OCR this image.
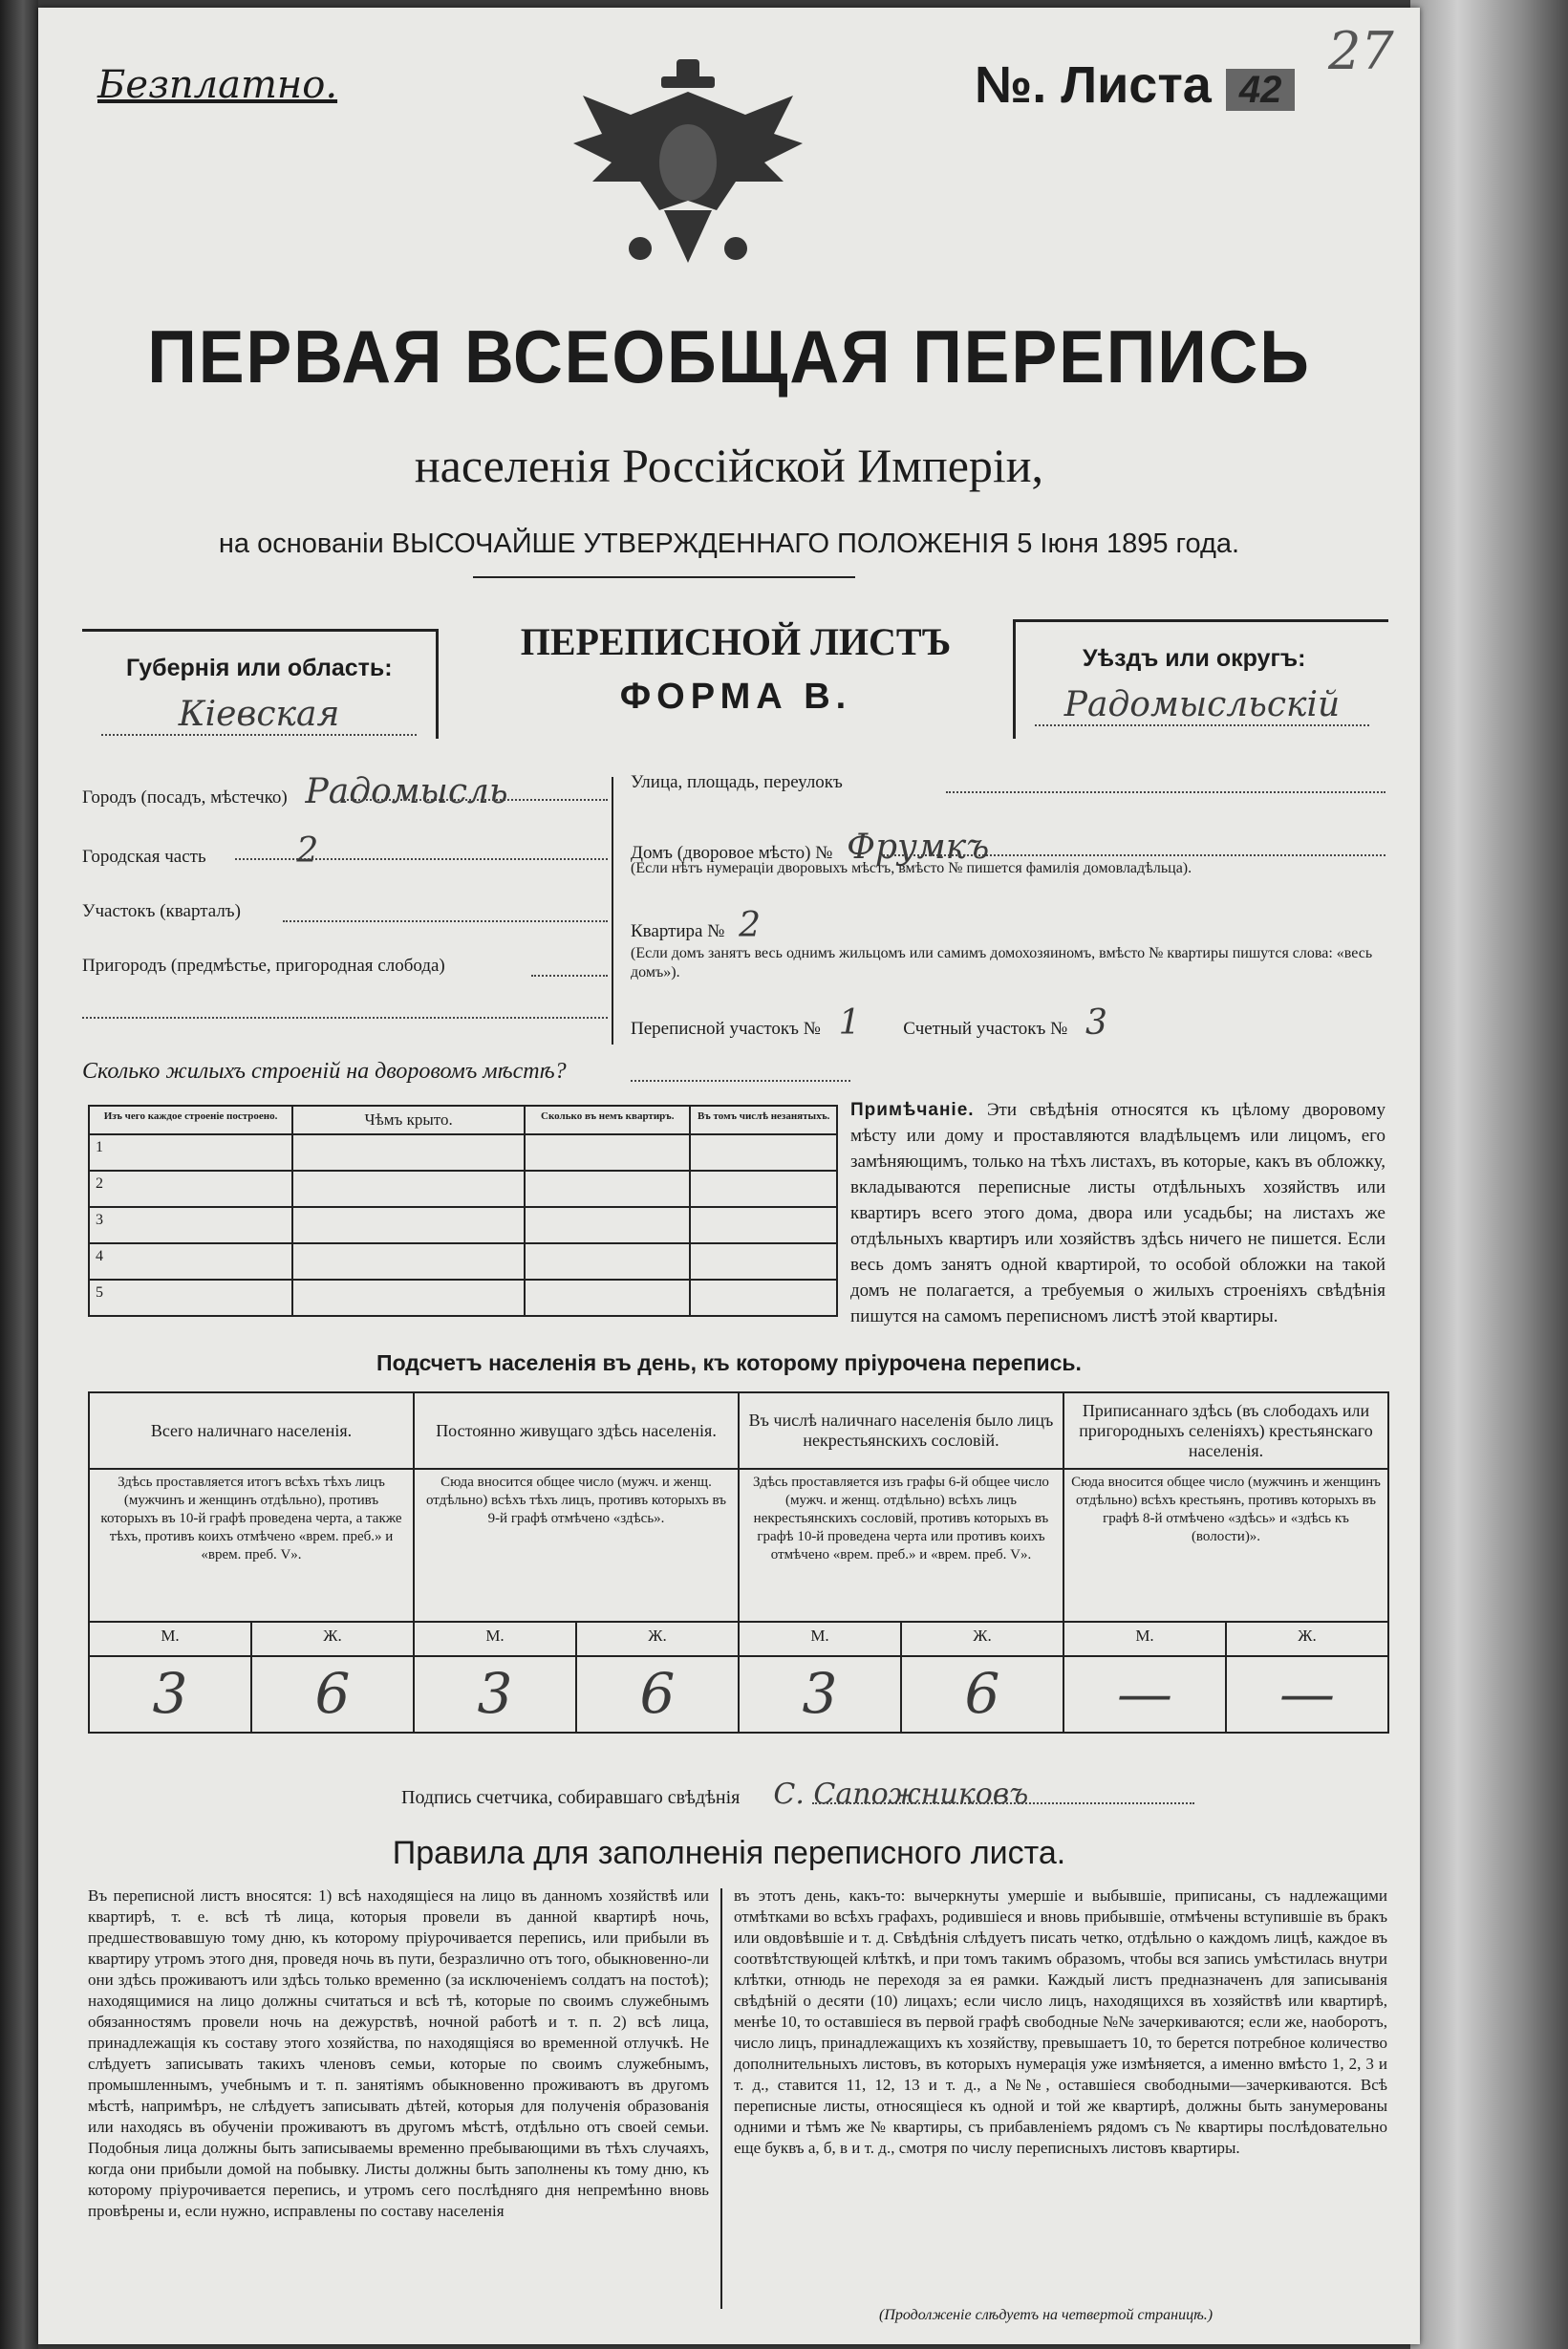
Безплатно.	№. Листа 42
27
ПЕРВАЯ ВСЕОБЩАЯ ПЕРЕПИСЬ
населенія Россійской Имперіи,
на основаніи ВЫСОЧАЙШЕ УТВЕРЖДЕННАГО ПОЛОЖЕНІЯ 5 Іюня 1895 года.
Губернія или область:
Кіевская
ПЕРЕПИСНОЙ ЛИСТЪ
ФОРМА В.
Уѣздъ или округъ:
Радомысльскій
Городъ (посадъ, мѣстечко) Радомысль
Городская часть	2
Участокъ (кварталъ)
Пригородъ (предмѣстье, пригородная слобода)
Улица, площадь, переулокъ
Домъ (дворовое мѣсто) № Фрумкъ
(Если нѣтъ нумераціи дворовыхъ мѣстъ, вмѣсто № пишется фамилія домовладѣльца).
Квартира № 2
(Если домъ занятъ весь однимъ жильцомъ или самимъ домохозяиномъ, вмѣсто № квартиры пишутся слова: «весь домъ»).
Переписной участокъ № 1 Счетный участокъ № 3
Сколько жилыхъ строеній на дворовомъ мѣстѣ?
Изъ чего каждое строеніе построено.	Чѣмъ крыто.	Сколько въ немъ квартиръ.	Въ томъ числѣ незанятыхъ.
1			
2			
3			
4			
5			
Примѣчаніе. Эти свѣдѣнія относятся къ цѣлому дворовому мѣсту или дому и проставляются владѣльцемъ или лицомъ, его замѣняющимъ, только на тѣхъ листахъ, въ которые, какъ въ обложку, вкладываются переписные листы отдѣльныхъ хозяйствъ или квартиръ всего этого дома, двора или усадьбы; на листахъ же отдѣльныхъ квартиръ или хозяйствъ здѣсь ничего не пишется. Если весь домъ занятъ одной квартирой, то особой обложки на такой домъ не полагается, а требуемыя о жилыхъ строеніяхъ свѣдѣнія пишутся на самомъ переписномъ листѣ этой квартиры.
Подсчетъ населенія въ день, къ которому пріурочена перепись.
Всего наличнаго населенія.		Постоянно живущаго здѣсь населенія.		Въ числѣ наличнаго населенія было лицъ некрестьянскихъ сословій.		Приписаннаго здѣсь (въ слободахъ или пригородныхъ селеніяхъ) крестьянскаго населенія.	
Здѣсь проставляется итогъ всѣхъ тѣхъ лицъ (мужчинъ и женщинъ отдѣльно), противъ которыхъ въ 10-й графѣ проведена черта, а также тѣхъ, противъ коихъ отмѣчено «врем. преб.» и «врем. преб. V».		Сюда вносится общее число (мужч. и женщ. отдѣльно) всѣхъ тѣхъ лицъ, противъ которыхъ въ 9-й графѣ отмѣчено «здѣсь».		Здѣсь проставляется изъ графы 6-й общее число (мужч. и женщ. отдѣльно) всѣхъ лицъ некрестьянскихъ сословій, противъ которыхъ въ графѣ 10-й проведена черта или противъ коихъ отмѣчено «врем. преб.» и «врем. преб. V».		Сюда вносится общее число (мужчинъ и женщинъ отдѣльно) всѣхъ крестьянъ, противъ которыхъ въ графѣ 8-й отмѣчено «здѣсь» и «здѣсь къ (волости)».	
М.	Ж.	М.	Ж.	М.	Ж.	М.	Ж.
3	6	3	6	3	6	—	—
Подпись счетчика, собиравшаго свѣдѣнія С. Сапожниковъ
Правила для заполненія переписного листа.
Въ переписной листъ вносятся: 1) всѣ находящіеся на лицо въ данномъ хозяйствѣ или квартирѣ, т. е. всѣ тѣ лица, которыя провели въ данной квартирѣ ночь, предшествовавшую тому дню, къ которому пріурочивается перепись, или прибыли въ квартиру утромъ этого дня, проведя ночь въ пути, безразлично отъ того, обыкновенно-ли они здѣсь проживаютъ или здѣсь только временно (за исключеніемъ солдатъ на постоѣ); находящимися на лицо должны считаться и всѣ тѣ, которые по своимъ служебнымъ обязанностямъ провели ночь на дежурствѣ, ночной работѣ и т. п. 2) всѣ лица, принадлежащія къ составу этого хозяйства, по находящіяся во временной отлучкѣ. Не слѣдуетъ записывать такихъ членовъ семьи, которые по своимъ служебнымъ, промышленнымъ, учебнымъ и т. п. занятіямъ обыкновенно проживаютъ въ другомъ мѣстѣ, напримѣръ, не слѣдуетъ записывать дѣтей, которыя для полученія образованія или находясь въ обученіи проживаютъ въ другомъ мѣстѣ, отдѣльно отъ своей семьи. Подобныя лица должны быть записываемы временно пребывающими въ тѣхъ случаяхъ, когда они прибыли домой на побывку. Листы должны быть заполнены къ тому дню, къ которому пріурочивается перепись, и утромъ сего послѣдняго дня непремѣнно вновь провѣрены и, если нужно, исправлены по составу населенія
въ этотъ день, какъ-то: вычеркнуты умершіе и выбывшіе, приписаны, съ надлежащими отмѣтками во всѣхъ графахъ, родившіеся и вновь прибывшіе, отмѣчены вступившіе въ бракъ или овдовѣвшіе и т. д. Свѣдѣнія слѣдуетъ писать четко, отдѣльно о каждомъ лицѣ, каждое въ соотвѣтствующей клѣткѣ, и при томъ такимъ образомъ, чтобы вся запись умѣстилась внутри клѣтки, отнюдь не переходя за ея рамки. Каждый листъ предназначенъ для записыванія свѣдѣній о десяти (10) лицахъ; если число лицъ, находящихся въ хозяйствѣ или квартирѣ, менѣе 10, то оставшіеся въ первой графѣ свободные №№ зачеркиваются; если же, наоборотъ, число лицъ, принадлежащихъ къ хозяйству, превышаетъ 10, то берется потребное количество дополнительныхъ листовъ, въ которыхъ нумерація уже измѣняется, а именно вмѣсто 1, 2, 3 и т. д., ставится 11, 12, 13 и т. д., а №№, оставшіеся свободными—зачеркиваются. Всѣ переписные листы, относящіеся къ одной и той же квартирѣ, должны быть занумерованы одними и тѣмъ же № квартиры, съ прибавленіемъ рядомъ съ № квартиры послѣдовательно еще буквъ а, б, в и т. д., смотря по числу переписныхъ листовъ квартиры.
(Продолженіе слѣдуетъ на четвертой страницѣ.)
